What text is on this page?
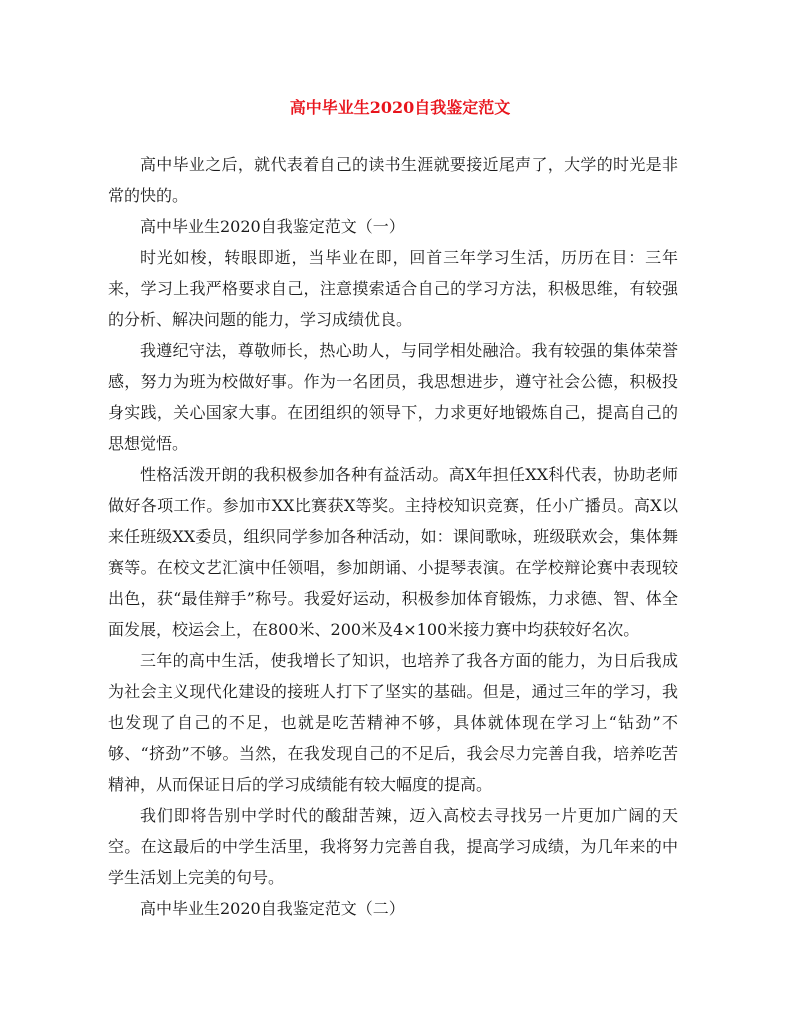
高中毕业生2020自我鉴定范文

高中毕业之后，就代表着自己的读书生涯就要接近尾声了，大学的时光是非常的快的。

高中毕业生2020自我鉴定范文（一）

时光如梭，转眼即逝，当毕业在即，回首三年学习生活，历历在目：三年来，学习上我严格要求自己，注意摸索适合自己的学习方法，积极思维，有较强的分析、解决问题的能力，学习成绩优良。

我遵纪守法，尊敬师长，热心助人，与同学相处融洽。我有较强的集体荣誉感，努力为班为校做好事。作为一名团员，我思想进步，遵守社会公德，积极投身实践，关心国家大事。在团组织的领导下，力求更好地锻炼自己，提高自己的思想觉悟。

性格活泼开朗的我积极参加各种有益活动。高X年担任XX科代表，协助老师做好各项工作。参加市XX比赛获X等奖。主持校知识竞赛，任小广播员。高X以来任班级XX委员，组织同学参加各种活动，如：课间歌咏，班级联欢会，集体舞赛等。在校文艺汇演中任领唱，参加朗诵、小提琴表演。在学校辩论赛中表现较出色，获“最佳辩手”称号。我爱好运动，积极参加体育锻炼，力求德、智、体全面发展，校运会上，在800米、200米及4×100米接力赛中均获较好名次。

三年的高中生活，使我增长了知识，也培养了我各方面的能力，为日后我成为社会主义现代化建设的接班人打下了坚实的基础。但是，通过三年的学习，我也发现了自己的不足，也就是吃苦精神不够，具体就体现在学习上“钻劲”不够、“挤劲”不够。当然，在我发现自己的不足后，我会尽力完善自我，培养吃苦精神，从而保证日后的学习成绩能有较大幅度的提高。

我们即将告别中学时代的酸甜苦辣，迈入高校去寻找另一片更加广阔的天空。在这最后的中学生活里，我将努力完善自我，提高学习成绩，为几年来的中学生活划上完美的句号。

高中毕业生2020自我鉴定范文（二）
